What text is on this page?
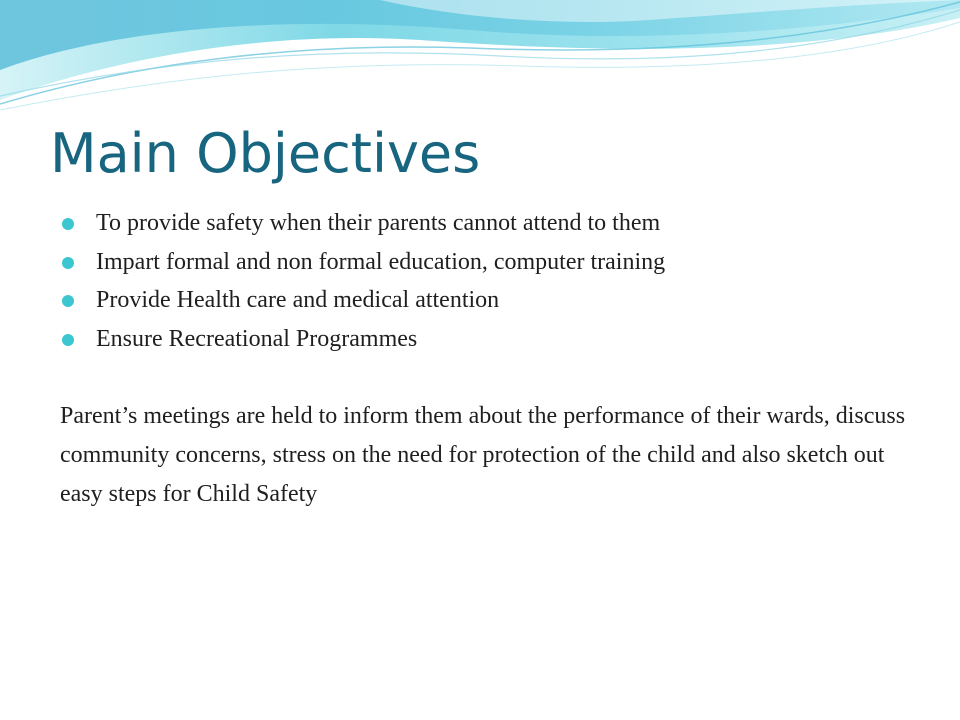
Main Objectives
To provide safety when their parents cannot attend to them
Impart formal and non formal education, computer training
Provide Health care and medical attention
Ensure Recreational Programmes

Parent’s meetings are held to inform them about the performance of their wards, discuss community concerns, stress on the need for protection of the child and also sketch out easy steps for Child Safety
